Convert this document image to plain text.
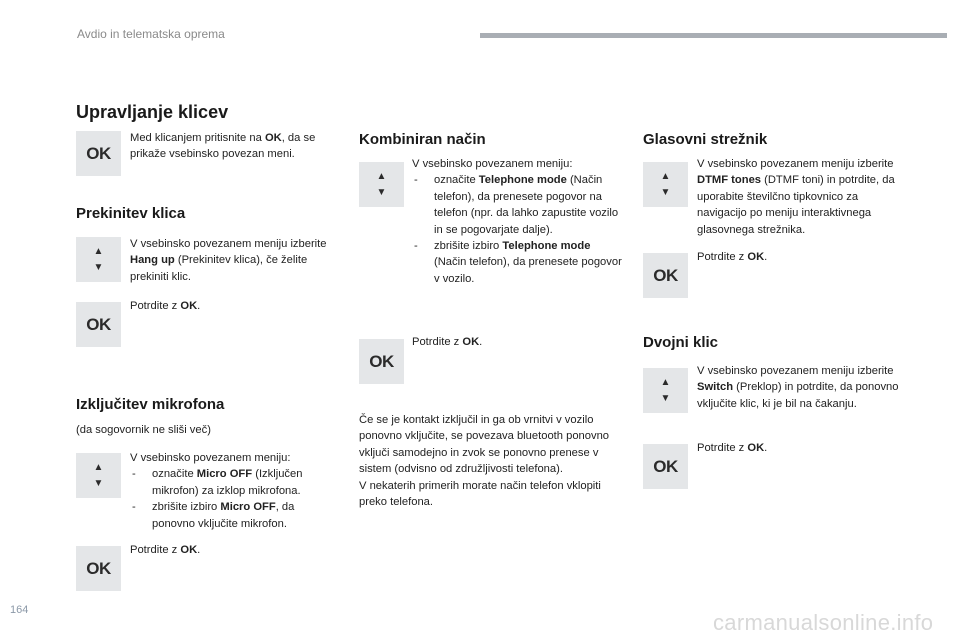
Avdio in telematska oprema
Upravljanje klicev
OK

Med klicanjem pritisnite na OK, da se prikaže vsebinsko povezan meni.

Prekinitev klica
▲
▼

V vsebinsko povezanem meniju izberite Hang up (Prekinitev klica), če želite prekiniti klic.

OK

Potrdite z OK.

Izključitev mikrofona

(da sogovornik ne sliši več)

▲
▼
V vsebinsko povezanem meniju:
- označite Micro OFF (Izključen mikrofon) za izklop mikrofona.
- zbrišite izbiro Micro OFF, da ponovno vključite mikrofon.
OK

Potrdite z OK.

Kombiniran način
▲
▼
V vsebinsko povezanem meniju:
- označite Telephone mode (Način telefon), da prenesete pogovor na telefon (npr. da lahko zapustite vozilo in se pogovarjate dalje).
- zbrišite izbiro Telephone mode (Način telefon), da prenesete pogovor v vozilo.
OK

Potrdite z OK.

Če se je kontakt izključil in ga ob vrnitvi v vozilo ponovno vključite, se povezava bluetooth ponovno vključi samodejno in zvok se ponovno prenese v sistem (odvisno od združljivosti telefona).
V nekaterih primerih morate način telefon vklopiti preko telefona.
Glasovni strežnik
▲
▼

V vsebinsko povezanem meniju izberite DTMF tones (DTMF toni) in potrdite, da uporabite številčno tipkovnico za navigacijo po meniju interaktivnega glasovnega strežnika.

OK

Potrdite z OK.

Dvojni klic
▲
▼

V vsebinsko povezanem meniju izberite Switch (Preklop) in potrdite, da ponovno vključite klic, ki je bil na čakanju.

OK

Potrdite z OK.

164	carmanualsonline.info
